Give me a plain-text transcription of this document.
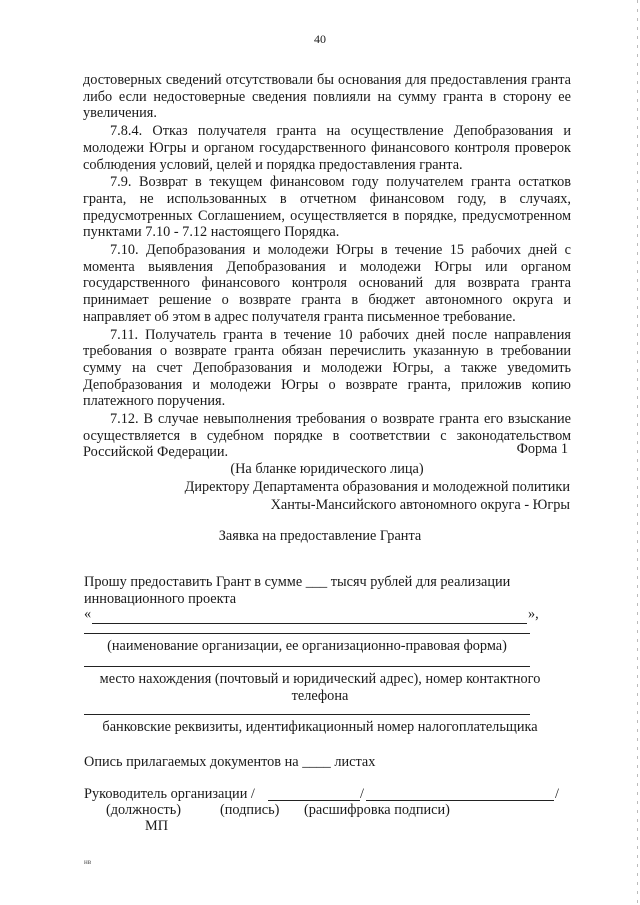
40

достоверных сведений отсутствовали бы основания для предоставления гранта либо если недостоверные сведения повлияли на сумму гранта в сторону ее увеличения.

7.8.4. Отказ получателя гранта на осуществление Депобразования и молодежи Югры и органом государственного финансового контроля проверок соблюдения условий, целей и порядка предоставления гранта.

7.9. Возврат в текущем финансовом году получателем гранта остатков гранта, не использованных в отчетном финансовом году, в случаях, предусмотренных Соглашением, осуществляется в порядке, предусмотренном пунктами 7.10 - 7.12 настоящего Порядка.

7.10. Депобразования и молодежи Югры в течение 15 рабочих дней с момента выявления Депобразования и молодежи Югры или органом государственного финансового контроля оснований для возврата гранта принимает решение о возврате гранта в бюджет автономного округа и направляет об этом в адрес получателя гранта письменное требование.

7.11. Получатель гранта в течение 10 рабочих дней после направления требования о возврате гранта обязан перечислить указанную в требовании сумму на счет Депобразования и молодежи Югры, а также уведомить Депобразования и молодежи Югры о возврате гранта, приложив копию платежного поручения.

7.12. В случае невыполнения требования о возврате гранта его взыскание осуществляется в судебном порядке в соответствии с законодательством Российской Федерации.	Форма 1
(На бланке юридического лица)
Директору Департамента образования и молодежной политики
Ханты-Мансийского автономного округа - Югры
Заявка на предоставление Гранта
Прошу предоставить Грант в сумме ___ тысяч рублей для реализации
инновационного проекта
«	»,
(наименование организации, ее организационно-правовая форма)
место нахождения (почтовый и юридический адрес), номер контактного
телефона
банковские реквизиты, идентификационный номер налогоплательщика
Опись прилагаемых документов на ____ листах
Руководитель организации /	/	/
(должность)	(подпись) (расшифровка подписи)
МП
нв
